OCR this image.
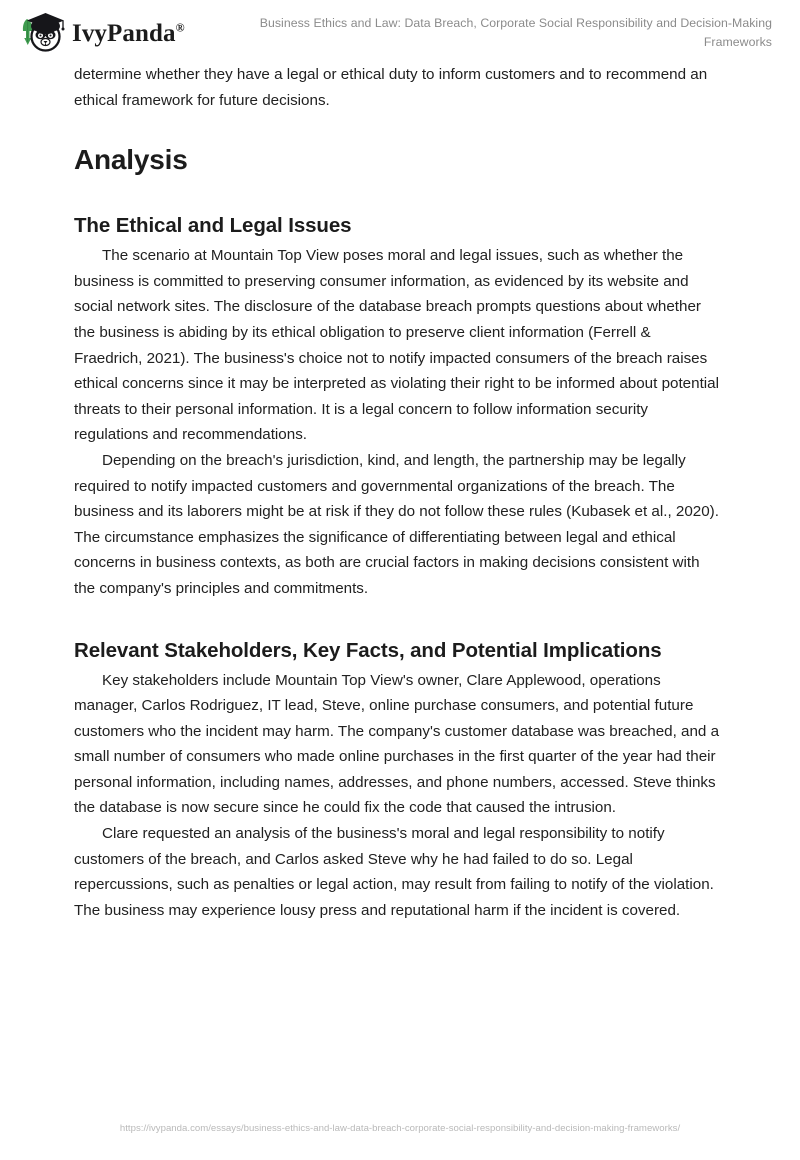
IvyPanda®	Business Ethics and Law: Data Breach, Corporate Social Responsibility and Decision-Making Frameworks

determine whether they have a legal or ethical duty to inform customers and to recommend an ethical framework for future decisions.

Analysis
The Ethical and Legal Issues

The scenario at Mountain Top View poses moral and legal issues, such as whether the business is committed to preserving consumer information, as evidenced by its website and social network sites. The disclosure of the database breach prompts questions about whether the business is abiding by its ethical obligation to preserve client information (Ferrell & Fraedrich, 2021). The business's choice not to notify impacted consumers of the breach raises ethical concerns since it may be interpreted as violating their right to be informed about potential threats to their personal information. It is a legal concern to follow information security regulations and recommendations.

Depending on the breach's jurisdiction, kind, and length, the partnership may be legally required to notify impacted customers and governmental organizations of the breach. The business and its laborers might be at risk if they do not follow these rules (Kubasek et al., 2020). The circumstance emphasizes the significance of differentiating between legal and ethical concerns in business contexts, as both are crucial factors in making decisions consistent with the company's principles and commitments.

Relevant Stakeholders, Key Facts, and Potential Implications

Key stakeholders include Mountain Top View's owner, Clare Applewood, operations manager, Carlos Rodriguez, IT lead, Steve, online purchase consumers, and potential future customers who the incident may harm. The company's customer database was breached, and a small number of consumers who made online purchases in the first quarter of the year had their personal information, including names, addresses, and phone numbers, accessed. Steve thinks the database is now secure since he could fix the code that caused the intrusion.

Clare requested an analysis of the business's moral and legal responsibility to notify customers of the breach, and Carlos asked Steve why he had failed to do so. Legal repercussions, such as penalties or legal action, may result from failing to notify of the violation. The business may experience lousy press and reputational harm if the incident is covered.

https://ivypanda.com/essays/business-ethics-and-law-data-breach-corporate-social-responsibility-and-decision-making-frameworks/
